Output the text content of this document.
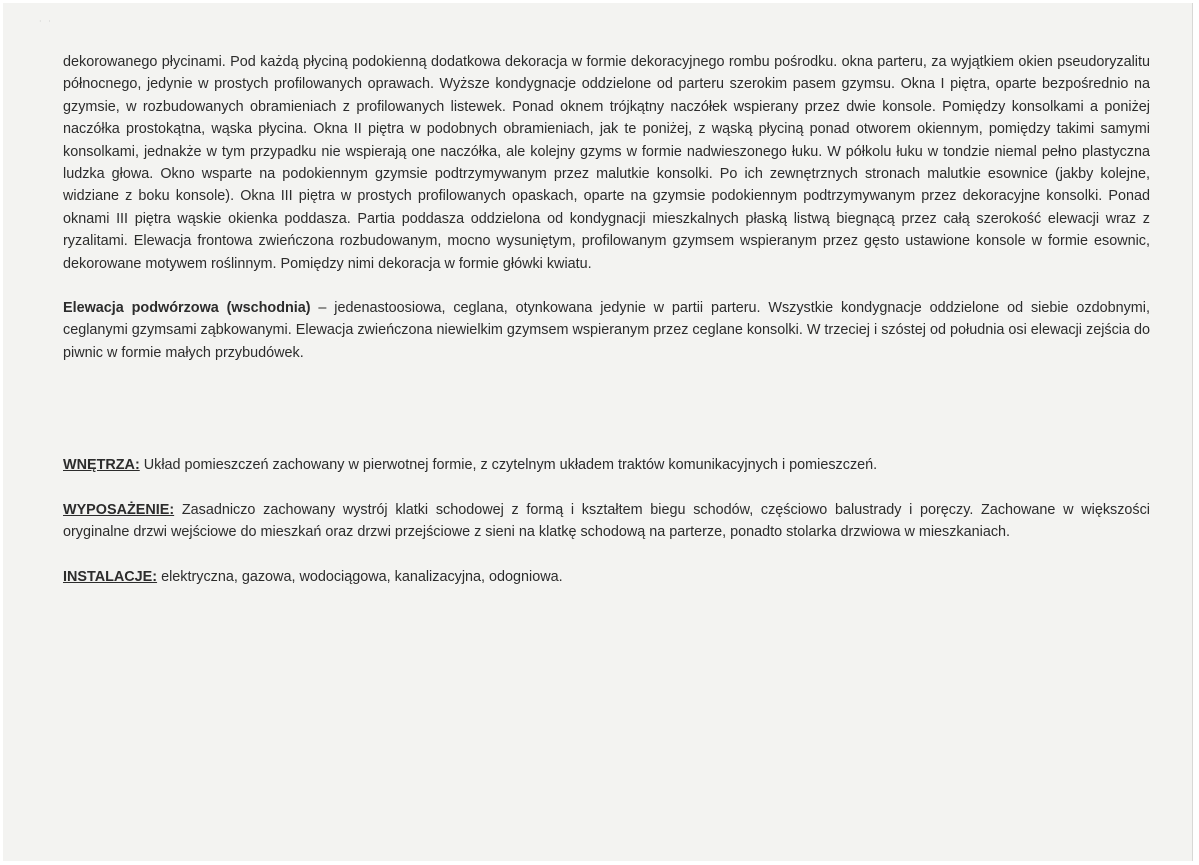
· ·

dekorowanego płycinami. Pod każdą płyciną podokienną dodatkowa dekoracja w formie dekoracyjnego rombu pośrodku. okna parteru, za wyjątkiem okien pseudoryzalitu północnego, jedynie w prostych profilowanych oprawach. Wyższe kondygnacje oddzielone od parteru szerokim pasem gzymsu. Okna I piętra, oparte bezpośrednio na gzymsie, w rozbudowanych obramieniach z profilowanych listewek. Ponad oknem trójkątny naczółek wspierany przez dwie konsole. Pomiędzy konsolkami a poniżej naczółka prostokątna, wąska płycina. Okna II piętra w podobnych obramieniach, jak te poniżej, z wąską płyciną ponad otworem okiennym, pomiędzy takimi samymi konsolkami, jednakże w tym przypadku nie wspierają one naczółka, ale kolejny gzyms w formie nadwieszonego łuku. W półkolu łuku w tondzie niemal pełno plastyczna ludzka głowa. Okno wsparte na podokiennym gzymsie podtrzymywanym przez malutkie konsolki. Po ich zewnętrznych stronach malutkie esownice (jakby kolejne, widziane z boku konsole). Okna III piętra w prostych profilowanych opaskach, oparte na gzymsie podokiennym podtrzymywanym przez dekoracyjne konsolki. Ponad oknami III piętra wąskie okienka poddasza. Partia poddasza oddzielona od kondygnacji mieszkalnych płaską listwą biegnącą przez całą szerokość elewacji wraz z ryzalitami. Elewacja frontowa zwieńczona rozbudowanym, mocno wysuniętym, profilowanym gzymsem wspieranym przez gęsto ustawione konsole w formie esownic, dekorowane motywem roślinnym. Pomiędzy nimi dekoracja w formie główki kwiatu.

Elewacja podwórzowa (wschodnia) – jedenastoosiowa, ceglana, otynkowana jedynie w partii parteru. Wszystkie kondygnacje oddzielone od siebie ozdobnymi, ceglanymi gzymsami ząbkowanymi. Elewacja zwieńczona niewielkim gzymsem wspieranym przez ceglane konsolki. W trzeciej i szóstej od południa osi elewacji zejścia do piwnic w formie małych przybudówek.

WNĘTRZA: Układ pomieszczeń zachowany w pierwotnej formie, z czytelnym układem traktów komunikacyjnych i pomieszczeń.

WYPOSAŻENIE: Zasadniczo zachowany wystrój klatki schodowej z formą i kształtem biegu schodów, częściowo balustrady i poręczy. Zachowane w większości oryginalne drzwi wejściowe do mieszkań oraz drzwi przejściowe z sieni na klatkę schodową na parterze, ponadto stolarka drzwiowa w mieszkaniach.

INSTALACJE: elektryczna, gazowa, wodociągowa, kanalizacyjna, odogniowa.
